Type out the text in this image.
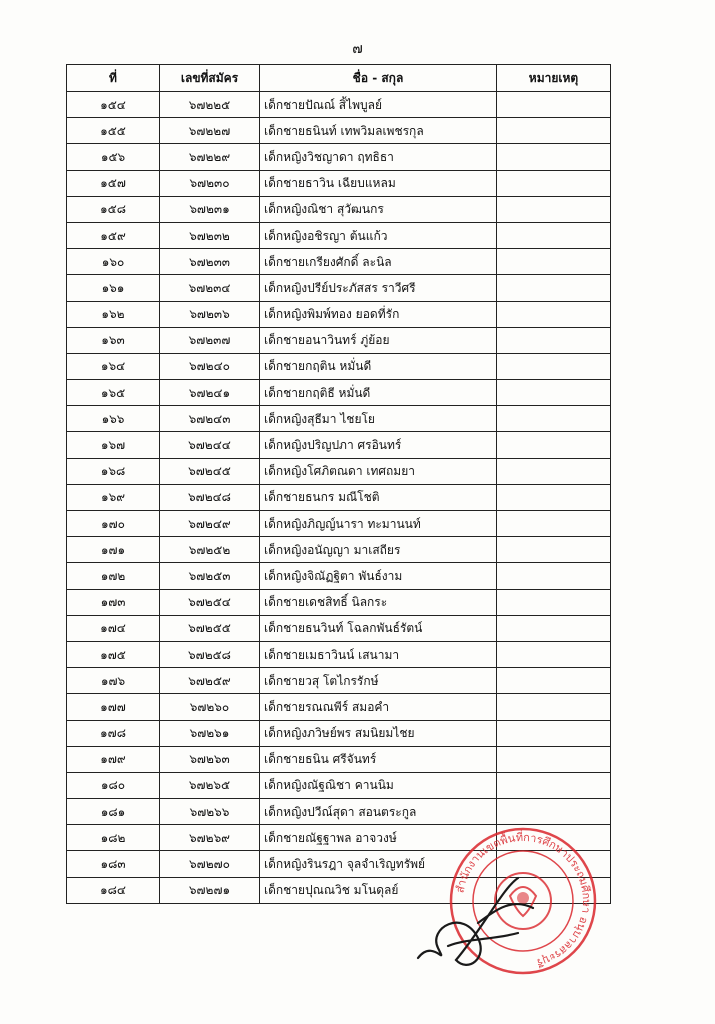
๗
ที่	เลขที่สมัคร	ชื่อ - สกุล	หมายเหตุ
๑๕๔	๖๗๒๒๕	เด็กชายปัณณ์ สิ้ไพบูลย์	
๑๕๕	๖๗๒๒๗	เด็กชายธนินท์ เทพวิมลเพชรกุล	
๑๕๖	๖๗๒๒๙	เด็กหญิงวิชญาดา ฤทธิธา	
๑๕๗	๖๗๒๓๐	เด็กชายธาวิน เฉียบแหลม	
๑๕๘	๖๗๒๓๑	เด็กหญิงณิชา สุวัฒนกร	
๑๕๙	๖๗๒๓๒	เด็กหญิงอชิรญา ต้นแก้ว	
๑๖๐	๖๗๒๓๓	เด็กชายเกรียงศักดิ์ ละนิล	
๑๖๑	๖๗๒๓๔	เด็กหญิงปรีย์ประภัสสร ราวีศรี	
๑๖๒	๖๗๒๓๖	เด็กหญิงพิมพ์ทอง ยอดที่รัก	
๑๖๓	๖๗๒๓๗	เด็กชายอนาวินทร์ ภู่ย้อย	
๑๖๔	๖๗๒๔๐	เด็กชายกฤติน หมั่นดี	
๑๖๕	๖๗๒๔๑	เด็กชายกฤติธี หมั่นดี	
๑๖๖	๖๗๒๔๓	เด็กหญิงสุธีมา ไชยโย	
๑๖๗	๖๗๒๔๔	เด็กหญิงปริญปภา ศรอินทร์	
๑๖๘	๖๗๒๔๕	เด็กหญิงโศภิตณดา เทศถมยา	
๑๖๙	๖๗๒๔๘	เด็กชายธนกร มณีโชติ	
๑๗๐	๖๗๒๔๙	เด็กหญิงภิญญ์นารา ทะมานนท์	
๑๗๑	๖๗๒๕๒	เด็กหญิงอนัญญา มาเสถียร	
๑๗๒	๖๗๒๕๓	เด็กหญิงจิณัฏฐิตา พันธ์งาม	
๑๗๓	๖๗๒๕๔	เด็กชายเดชสิทธิ์ นิลกระ	
๑๗๔	๖๗๒๕๕	เด็กชายธนวินท์ โฉลกพันธ์รัตน์	
๑๗๕	๖๗๒๕๘	เด็กชายเมธาวินน์ เสนามา	
๑๗๖	๖๗๒๕๙	เด็กชายวสุ โตไกรรักษ์	
๑๗๗	๖๗๒๖๐	เด็กชายรณณพีร์ สมอคำ	
๑๗๘	๖๗๒๖๑	เด็กหญิงภวิษย์พร สมนิยมไชย	
๑๗๙	๖๗๒๖๓	เด็กชายธนิน ศรีจันทร์	
๑๘๐	๖๗๒๖๕	เด็กหญิงณัฐณิชา คานนิม	
๑๘๑	๖๗๒๖๖	เด็กหญิงปวีณ์สุดา สอนตระกูล	
๑๘๒	๖๗๒๖๙	เด็กชายณัฐฐาพล อาจวงษ์	
๑๘๓	๖๗๒๗๐	เด็กหญิงรินรฎา จุลจำเริญทรัพย์	
๑๘๔	๖๗๒๗๑	เด็กชายปุณณวิช มโนดุลย์		สำนักงานเขตพื้นที่การศึกษาประถมศึกษา อนุบาลสระบุรี
